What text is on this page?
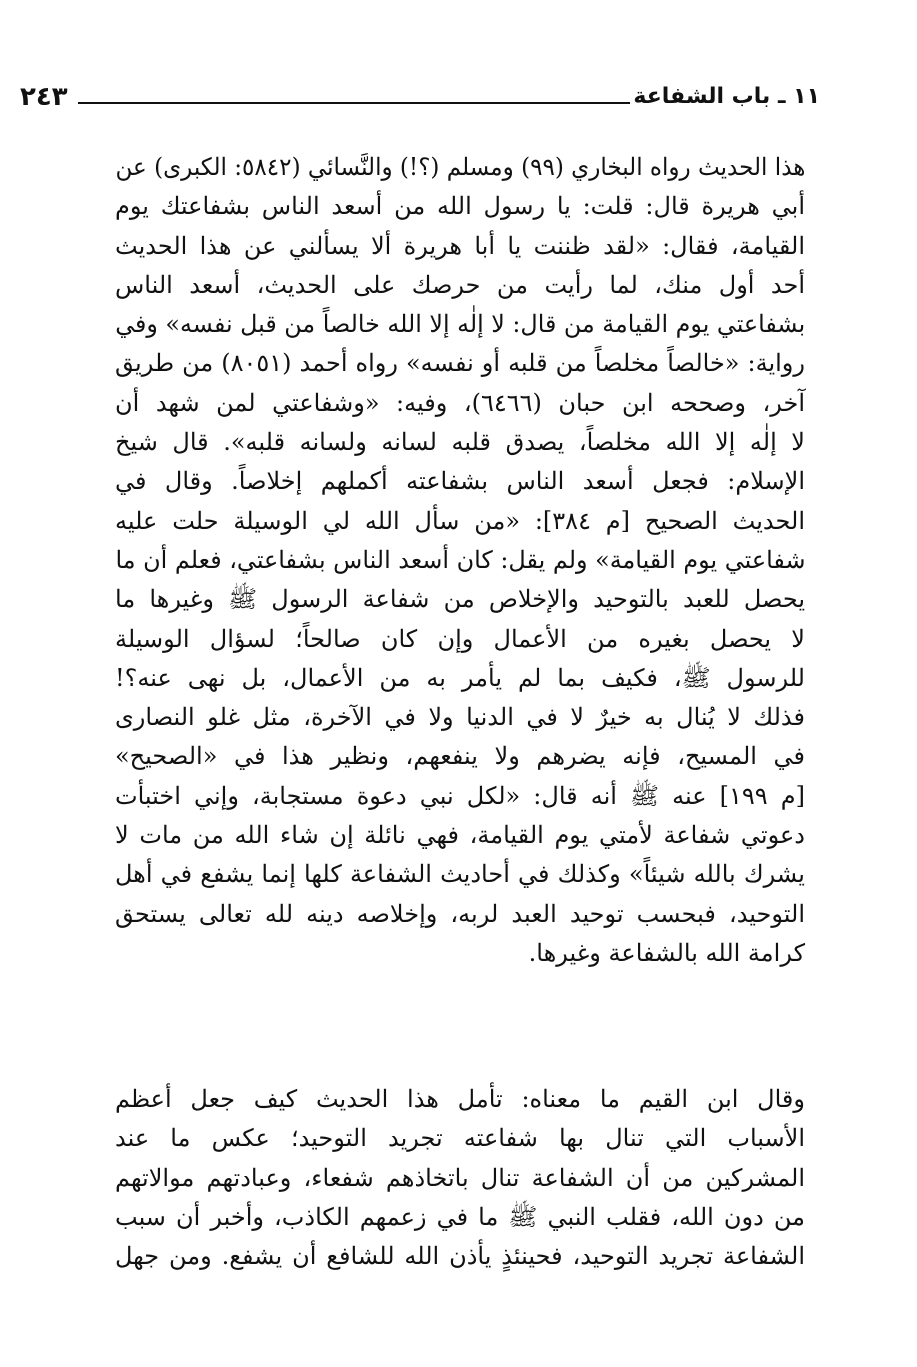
١١ ـ باب الشفاعة
٢٤٣
هذا الحديث رواه البخاري (٩٩) ومسلم (؟!) والنَّسائي (٥٨٤٢: الكبرى) عن
أبي هريرة قال: قلت: يا رسول الله من أسعد الناس بشفاعتك يوم
القيامة، فقال: «لقد ظننت يا أبا هريرة ألا يسألني عن هذا الحديث
أحد أول منك، لما رأيت من حرصك على الحديث، أسعد الناس
بشفاعتي يوم القيامة من قال: لا إلٰه إلا الله خالصاً من قبل نفسه» وفي
رواية: «خالصاً مخلصاً من قلبه أو نفسه» رواه أحمد (٨٠٥١) من طريق
آخر، وصححه ابن حبان (٦٤٦٦)، وفيه: «وشفاعتي لمن شهد أن
لا إلٰه إلا الله مخلصاً، يصدق قلبه لسانه ولسانه قلبه». قال شيخ
الإسلام: فجعل أسعد الناس بشفاعته أكملهم إخلاصاً. وقال في
الحديث الصحيح [م ٣٨٤]: «من سأل الله لي الوسيلة حلت عليه
شفاعتي يوم القيامة» ولم يقل: كان أسعد الناس بشفاعتي، فعلم أن ما
يحصل للعبد بالتوحيد والإخلاص من شفاعة الرسول ﷺ وغيرها ما
لا يحصل بغيره من الأعمال وإن كان صالحاً؛ لسؤال الوسيلة
للرسول ﷺ، فكيف بما لم يأمر به من الأعمال، بل نهى عنه؟!
فذلك لا يُنال به خيرٌ لا في الدنيا ولا في الآخرة، مثل غلو النصارى
في المسيح، فإنه يضرهم ولا ينفعهم، ونظير هذا في «الصحيح»
[م ١٩٩] عنه ﷺ أنه قال: «لكل نبي دعوة مستجابة، وإني اختبأت
دعوتي شفاعة لأمتي يوم القيامة، فهي نائلة إن شاء الله من مات لا
يشرك بالله شيئاً» وكذلك في أحاديث الشفاعة كلها إنما يشفع في أهل
التوحيد، فبحسب توحيد العبد لربه، وإخلاصه دينه لله تعالى يستحق
كرامة الله بالشفاعة وغيرها.
وقال ابن القيم ما معناه: تأمل هذا الحديث كيف جعل أعظم
الأسباب التي تنال بها شفاعته تجريد التوحيد؛ عكس ما عند
المشركين من أن الشفاعة تنال باتخاذهم شفعاء، وعبادتهم موالاتهم
من دون الله، فقلب النبي ﷺ ما في زعمهم الكاذب، وأخبر أن سبب
الشفاعة تجريد التوحيد، فحينئذٍ يأذن الله للشافع أن يشفع. ومن جهل
